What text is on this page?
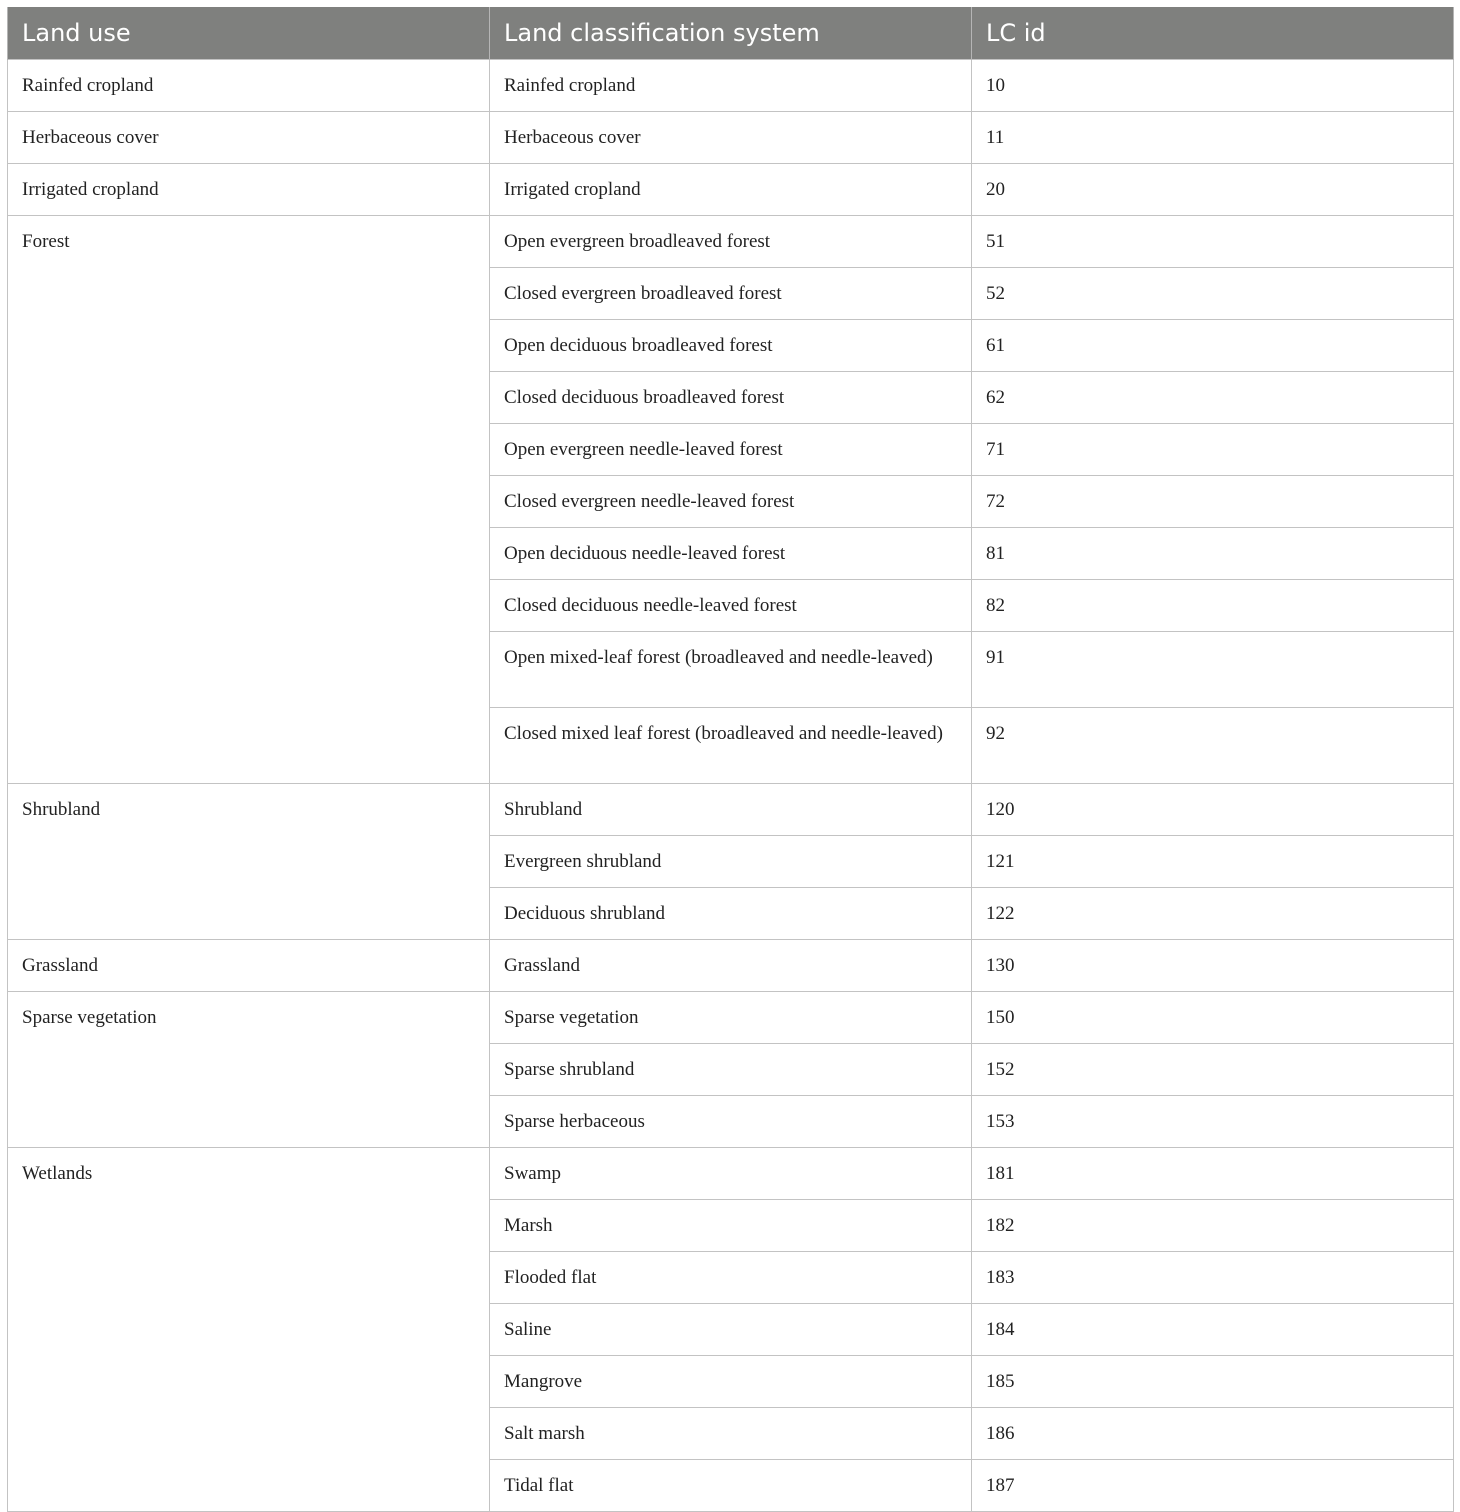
Land use	Land classification system	LC id
Rainfed cropland	Rainfed cropland	10
Herbaceous cover	Herbaceous cover	11
Irrigated cropland	Irrigated cropland	20
Forest	Open evergreen broadleaved forest	51
	Closed evergreen broadleaved forest	52
	Open deciduous broadleaved forest	61
	Closed deciduous broadleaved forest	62
	Open evergreen needle-leaved forest	71
	Closed evergreen needle-leaved forest	72
	Open deciduous needle-leaved forest	81
	Closed deciduous needle-leaved forest	82
	Open mixed-leaf forest (broadleaved and needle-leaved)	91
	Closed mixed leaf forest (broadleaved and needle-leaved)	92
Shrubland	Shrubland	120
	Evergreen shrubland	121
	Deciduous shrubland	122
Grassland	Grassland	130
Sparse vegetation	Sparse vegetation	150
	Sparse shrubland	152
	Sparse herbaceous	153
Wetlands	Swamp	181
	Marsh	182
	Flooded flat	183
	Saline	184
	Mangrove	185
	Salt marsh	186
	Tidal flat	187
